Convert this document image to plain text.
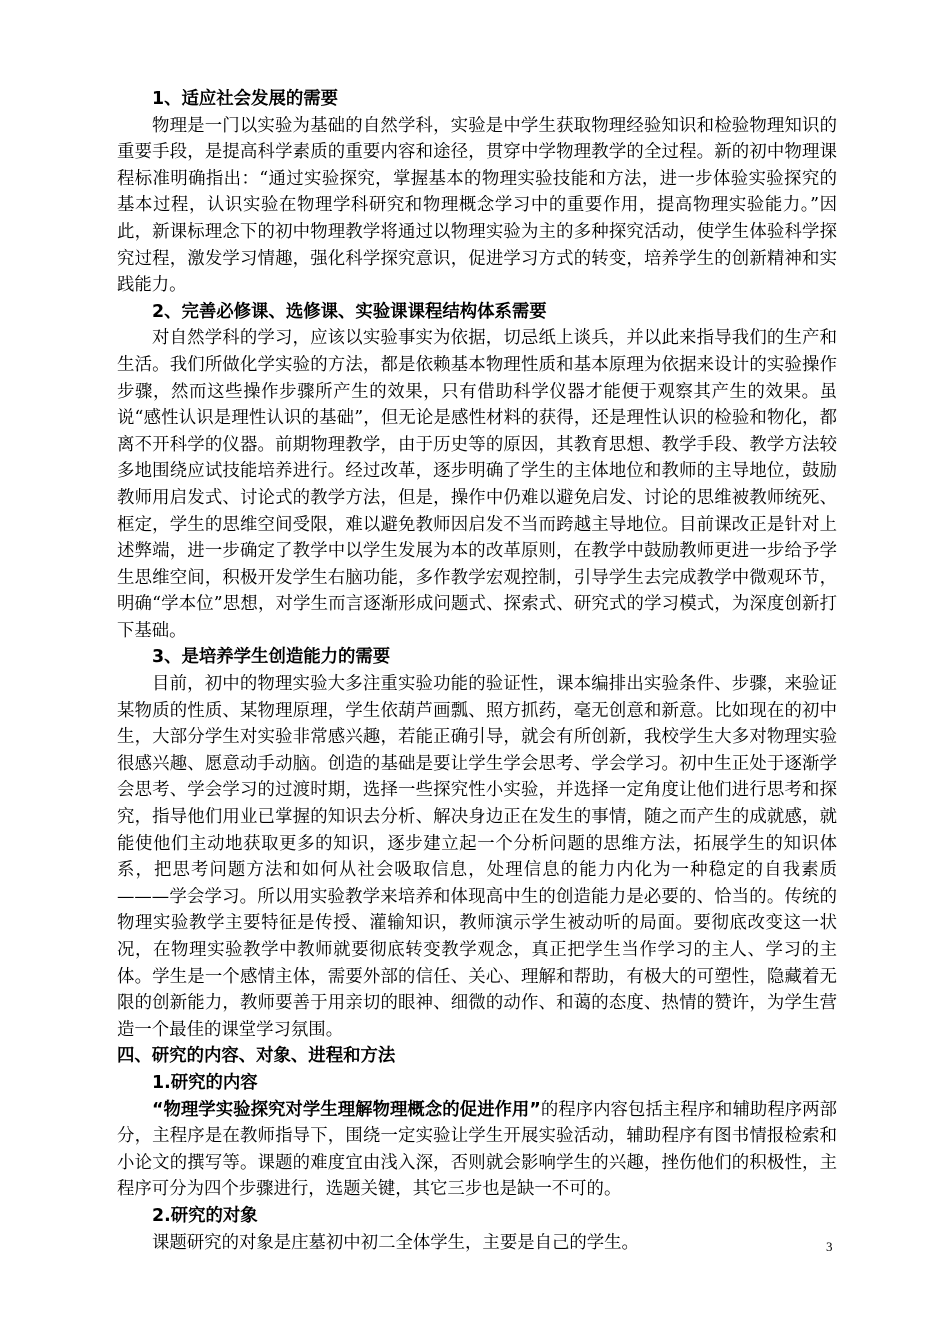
1、适应社会发展的需要

物理是一门以实验为基础的自然学科，实验是中学生获取物理经验知识和检验物理知识的重要手段，是提高科学素质的重要内容和途径，贯穿中学物理教学的全过程。新的初中物理课程标准明确指出：“通过实验探究，掌握基本的物理实验技能和方法，进一步体验实验探究的基本过程，认识实验在物理学科研究和物理概念学习中的重要作用，提高物理实验能力。”因此，新课标理念下的初中物理教学将通过以物理实验为主的多种探究活动，使学生体验科学探究过程，激发学习情趣，强化科学探究意识，促进学习方式的转变，培养学生的创新精神和实践能力。

2、完善必修课、选修课、实验课课程结构体系需要

对自然学科的学习，应该以实验事实为依据，切忌纸上谈兵，并以此来指导我们的生产和生活。我们所做化学实验的方法，都是依赖基本物理性质和基本原理为依据来设计的实验操作步骤，然而这些操作步骤所产生的效果，只有借助科学仪器才能便于观察其产生的效果。虽说“感性认识是理性认识的基础”，但无论是感性材料的获得，还是理性认识的检验和物化，都离不开科学的仪器。前期物理教学，由于历史等的原因，其教育思想、教学手段、教学方法较多地围绕应试技能培养进行。经过改革，逐步明确了学生的主体地位和教师的主导地位，鼓励教师用启发式、讨论式的教学方法，但是，操作中仍难以避免启发、讨论的思维被教师统死、框定，学生的思维空间受限，难以避免教师因启发不当而跨越主导地位。目前课改正是针对上述弊端，进一步确定了教学中以学生发展为本的改革原则，在教学中鼓励教师更进一步给予学生思维空间，积极开发学生右脑功能，多作教学宏观控制，引导学生去完成教学中微观环节，明确“学本位”思想，对学生而言逐渐形成问题式、探索式、研究式的学习模式，为深度创新打下基础。

3、是培养学生创造能力的需要

目前，初中的物理实验大多注重实验功能的验证性，课本编排出实验条件、步骤，来验证某物质的性质、某物理原理，学生依葫芦画瓢、照方抓药，毫无创意和新意。比如现在的初中生，大部分学生对实验非常感兴趣，若能正确引导，就会有所创新，我校学生大多对物理实验很感兴趣、愿意动手动脑。创造的基础是要让学生学会思考、学会学习。初中生正处于逐渐学会思考、学会学习的过渡时期，选择一些探究性小实验，并选择一定角度让他们进行思考和探究，指导他们用业已掌握的知识去分析、解决身边正在发生的事情，随之而产生的成就感，就能使他们主动地获取更多的知识，逐步建立起一个分析问题的思维方法，拓展学生的知识体系，把思考问题方法和如何从社会吸取信息，处理信息的能力内化为一种稳定的自我素质———学会学习。所以用实验教学来培养和体现高中生的创造能力是必要的、恰当的。传统的物理实验教学主要特征是传授、灌输知识，教师演示学生被动听的局面。要彻底改变这一状况，在物理实验教学中教师就要彻底转变教学观念，真正把学生当作学习的主人、学习的主体。学生是一个感情主体，需要外部的信任、关心、理解和帮助，有极大的可塑性，隐藏着无限的创新能力，教师要善于用亲切的眼神、细微的动作、和蔼的态度、热情的赞许，为学生营造一个最佳的课堂学习氛围。

四、研究的内容、对象、进程和方法
1.研究的内容

“物理学实验探究对学生理解物理概念的促进作用”的程序内容包括主程序和辅助程序两部分，主程序是在教师指导下，围绕一定实验让学生开展实验活动，辅助程序有图书情报检索和小论文的撰写等。课题的难度宜由浅入深，否则就会影响学生的兴趣，挫伤他们的积极性，主程序可分为四个步骤进行，选题关键，其它三步也是缺一不可的。

2.研究的对象

课题研究的对象是庄墓初中初二全体学生，主要是自己的学生。	3
